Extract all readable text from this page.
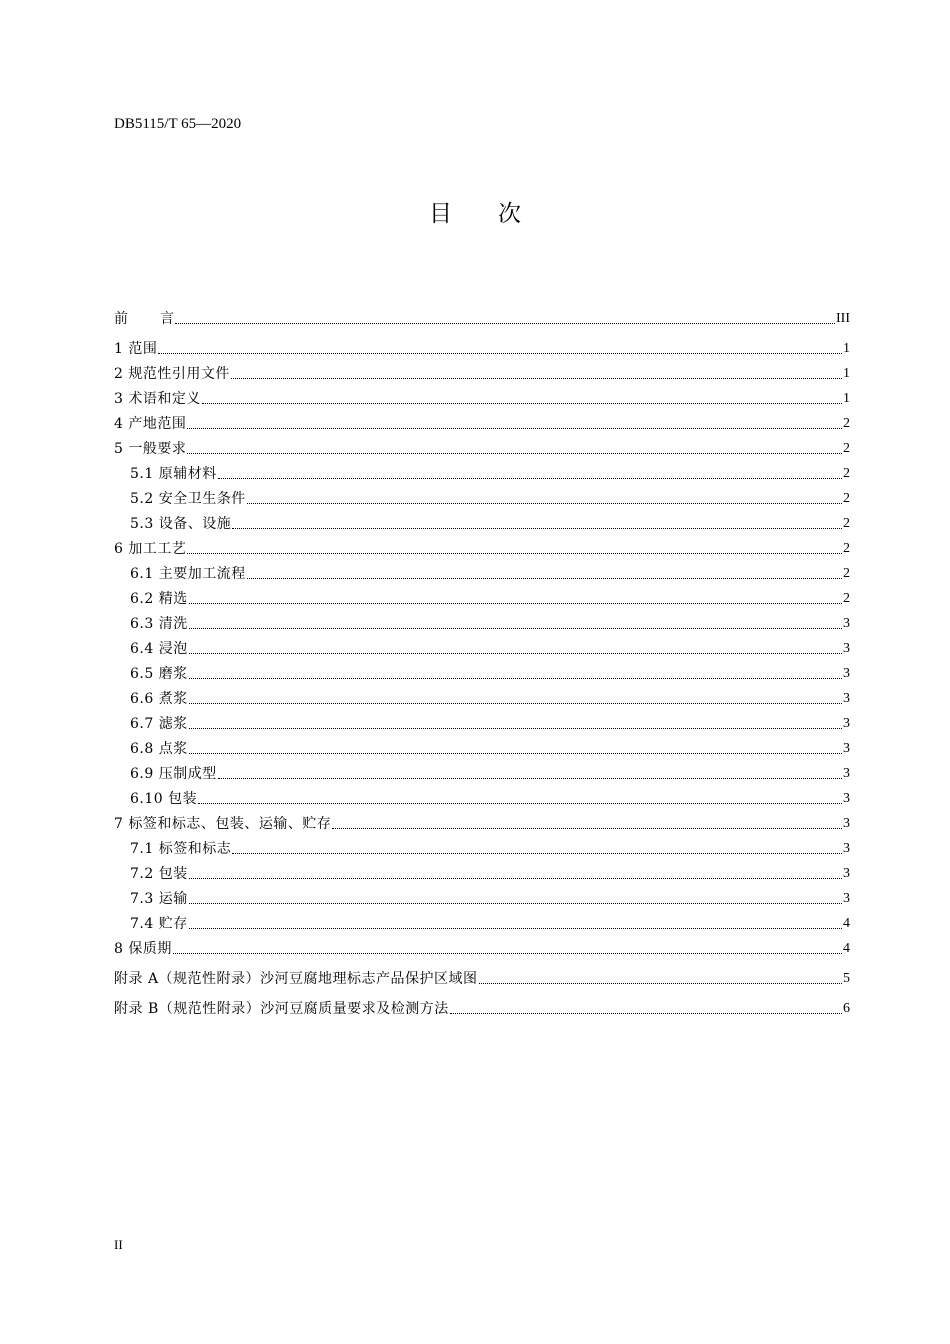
DB5115/T 65—2020
目 次
前 言	III
1 范围	1
2 规范性引用文件	1
3 术语和定义	1
4 产地范围	2
5 一般要求	2
5.1 原辅材料	2
5.2 安全卫生条件	2
5.3 设备、设施	2
6 加工工艺	2
6.1 主要加工流程	2
6.2 精选	2
6.3 清洗	3
6.4 浸泡	3
6.5 磨浆	3
6.6 煮浆	3
6.7 滤浆	3
6.8 点浆	3
6.9 压制成型	3
6.10 包装	3
7 标签和标志、包装、运输、贮存	3
7.1 标签和标志	3
7.2 包装	3
7.3 运输	3
7.4 贮存	4
8 保质期	4
附录 A（规范性附录）沙河豆腐地理标志产品保护区域图	5
附录 B（规范性附录）沙河豆腐质量要求及检测方法	6
II
